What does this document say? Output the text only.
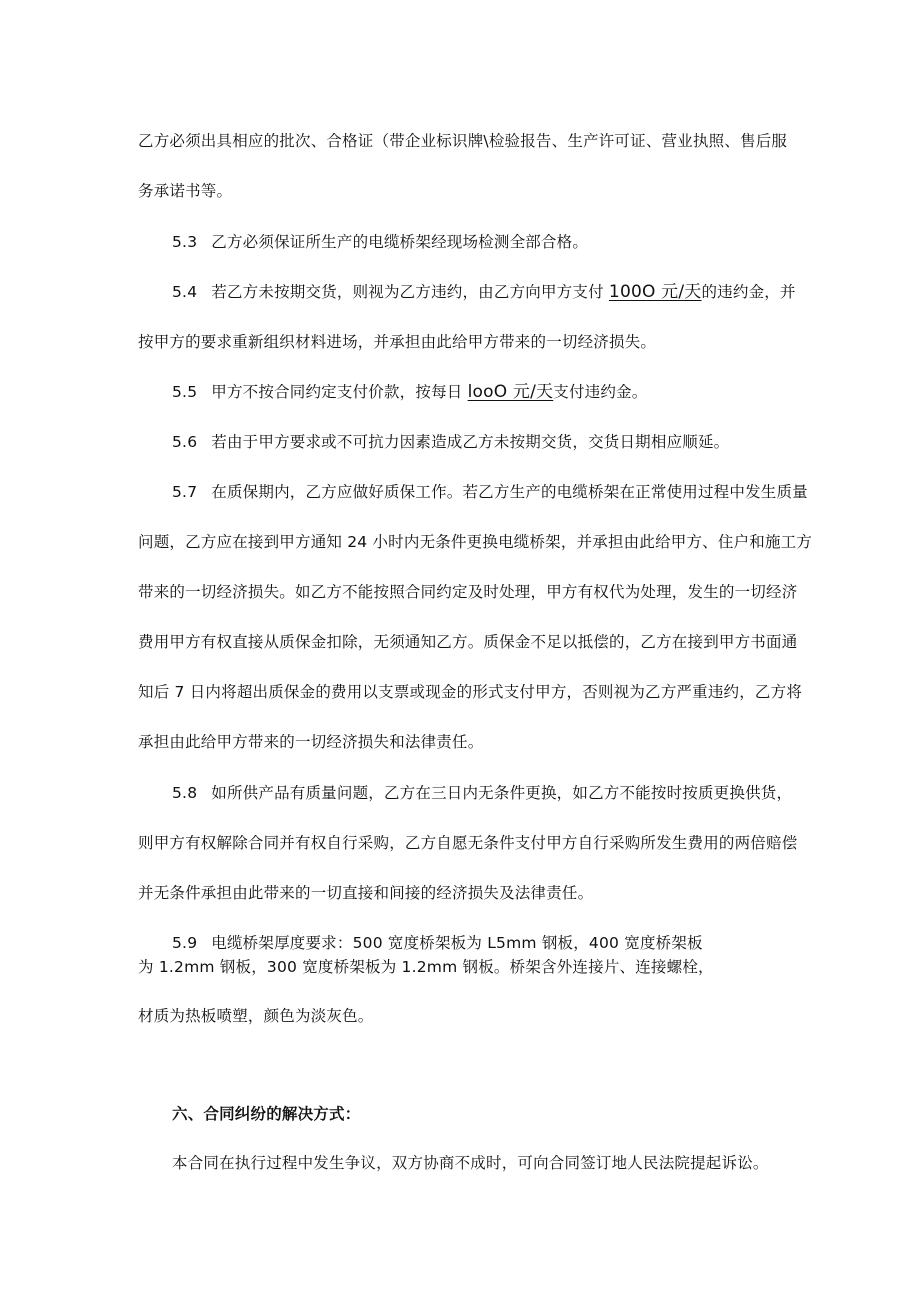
乙方必须出具相应的批次、合格证（带企业标识牌\检验报告、生产许可证、营业执照、售后服
务承诺书等。
5.3 乙方必须保证所生产的电缆桥架经现场检测全部合格。
5.4 若乙方未按期交货，则视为乙方违约，由乙方向甲方支付 100O 元/天的违约金，并
按甲方的要求重新组织材料进场，并承担由此给甲方带来的一切经济损失。
5.5 甲方不按合同约定支付价款，按每日 looO 元/天支付违约金。
5.6 若由于甲方要求或不可抗力因素造成乙方未按期交货，交货日期相应顺延。
5.7 在质保期内，乙方应做好质保工作。若乙方生产的电缆桥架在正常使用过程中发生质量
问题，乙方应在接到甲方通知 24 小时内无条件更换电缆桥架，并承担由此给甲方、住户和施工方
带来的一切经济损失。如乙方不能按照合同约定及时处理，甲方有权代为处理，发生的一切经济
费用甲方有权直接从质保金扣除，无须通知乙方。质保金不足以抵偿的，乙方在接到甲方书面通
知后 7 日内将超出质保金的费用以支票或现金的形式支付甲方，否则视为乙方严重违约，乙方将
承担由此给甲方带来的一切经济损失和法律责任。
5.8 如所供产品有质量问题，乙方在三日内无条件更换，如乙方不能按时按质更换供货，
则甲方有权解除合同并有权自行采购，乙方自愿无条件支付甲方自行采购所发生费用的两倍赔偿
并无条件承担由此带来的一切直接和间接的经济损失及法律责任。
5.9 电缆桥架厚度要求：500 宽度桥架板为 L5mm 钢板，400 宽度桥架板
为 1.2mm 钢板，300 宽度桥架板为 1.2mm 钢板。桥架含外连接片、连接螺栓，
材质为热板喷塑，颜色为淡灰色。
六、合同纠纷的解决方式：
本合同在执行过程中发生争议，双方协商不成时，可向合同签订地人民法院提起诉讼。
